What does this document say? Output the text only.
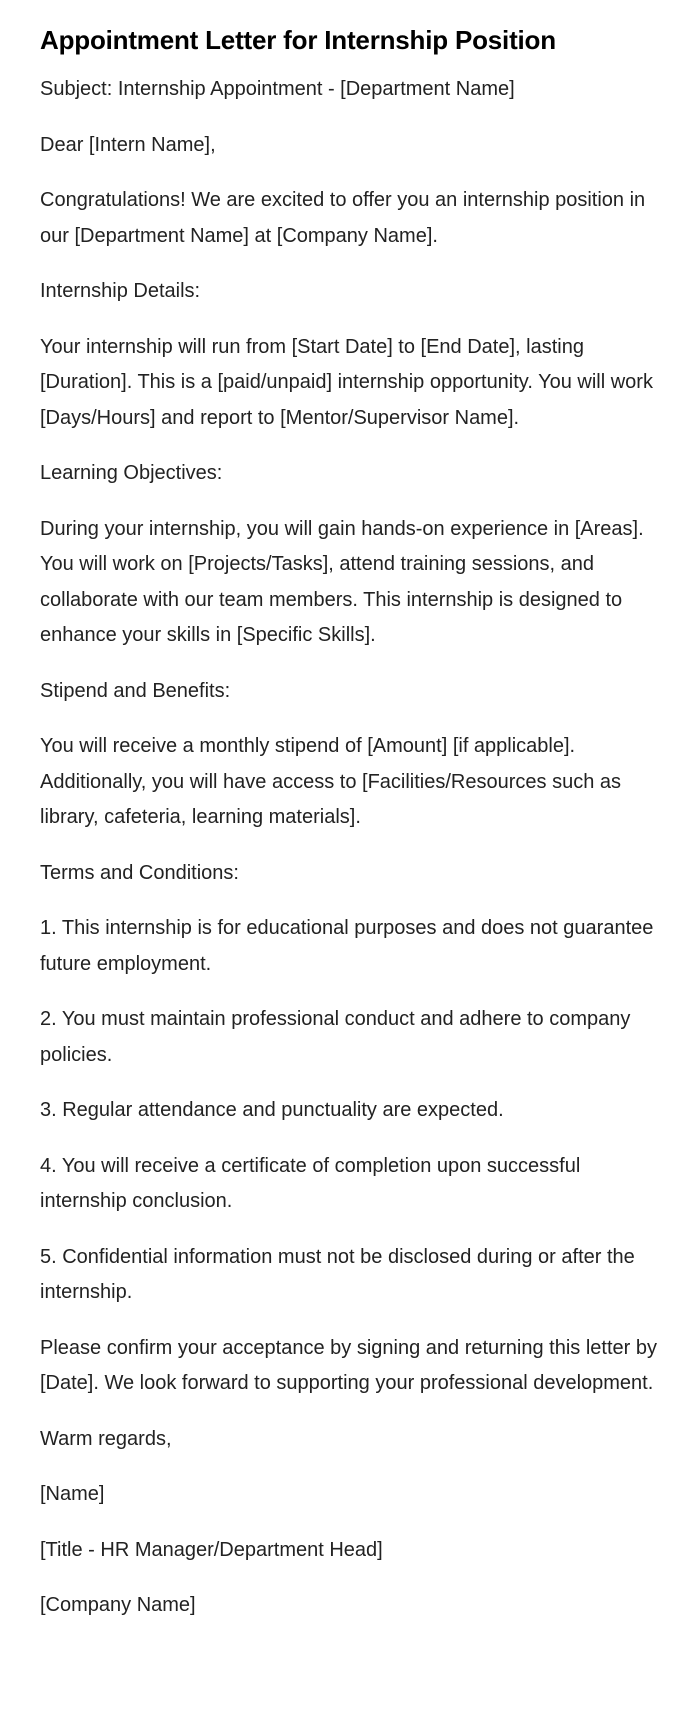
Appointment Letter for Internship Position

Subject: Internship Appointment - [Department Name]

Dear [Intern Name],

Congratulations! We are excited to offer you an internship position in our [Department Name] at [Company Name].

Internship Details:

Your internship will run from [Start Date] to [End Date], lasting [Duration]. This is a [paid/unpaid] internship opportunity. You will work [Days/Hours] and report to [Mentor/Supervisor Name].

Learning Objectives:

During your internship, you will gain hands-on experience in [Areas]. You will work on [Projects/Tasks], attend training sessions, and collaborate with our team members. This internship is designed to enhance your skills in [Specific Skills].

Stipend and Benefits:

You will receive a monthly stipend of [Amount] [if applicable]. Additionally, you will have access to [Facilities/Resources such as library, cafeteria, learning materials].

Terms and Conditions:

1. This internship is for educational purposes and does not guarantee future employment.

2. You must maintain professional conduct and adhere to company policies.

3. Regular attendance and punctuality are expected.

4. You will receive a certificate of completion upon successful internship conclusion.

5. Confidential information must not be disclosed during or after the internship.

Please confirm your acceptance by signing and returning this letter by [Date]. We look forward to supporting your professional development.

Warm regards,

[Name]

[Title - HR Manager/Department Head]

[Company Name]
